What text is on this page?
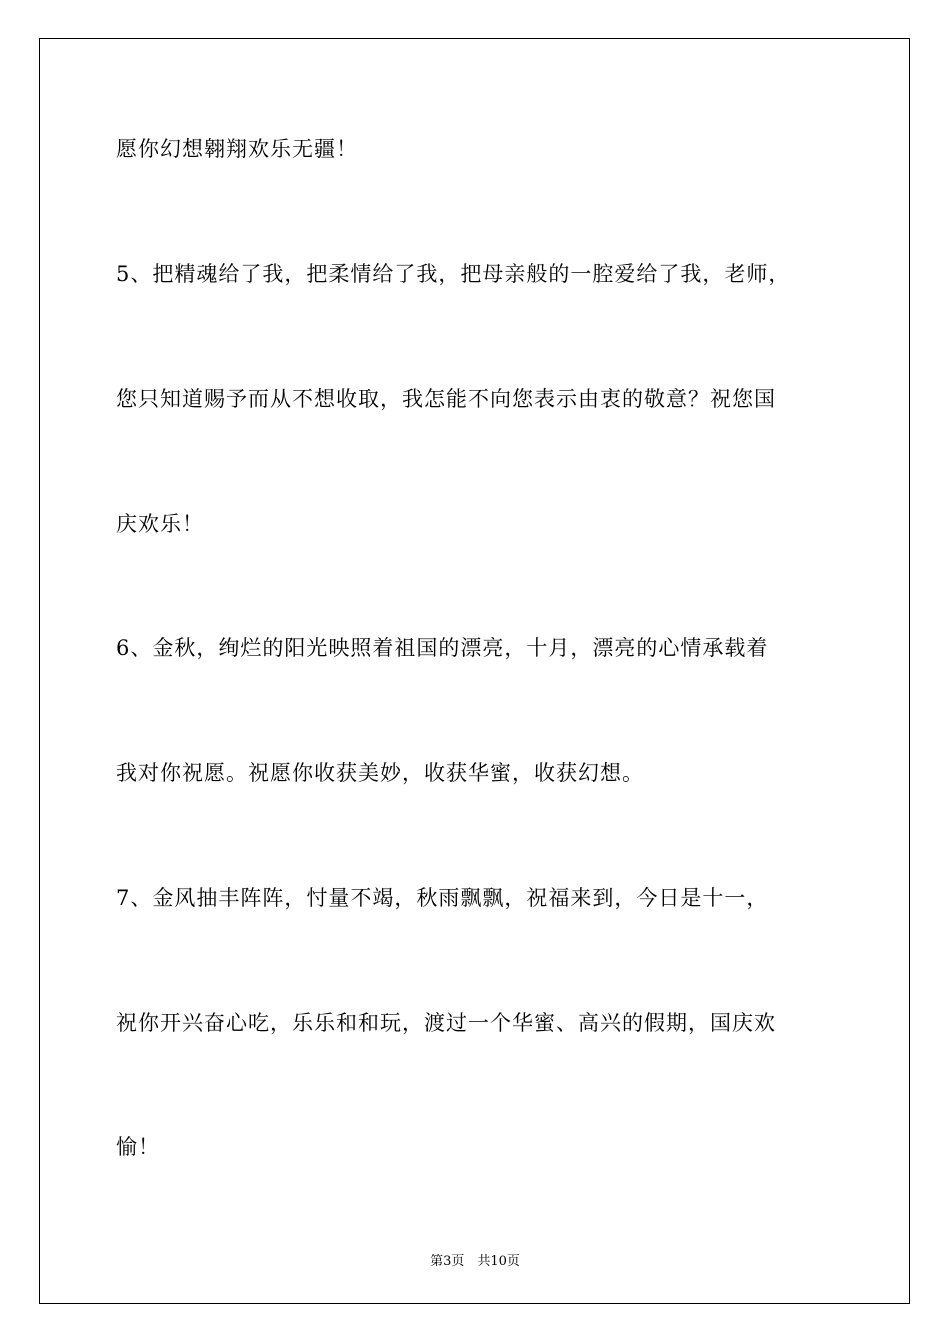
愿你幻想翱翔欢乐无疆！
5、把精魂给了我，把柔情给了我，把母亲般的一腔爱给了我，老师，
您只知道赐予而从不想收取，我怎能不向您表示由衷的敬意？祝您国
庆欢乐！
6、金秋，绚烂的阳光映照着祖国的漂亮，十月，漂亮的心情承载着
我对你祝愿。祝愿你收获美妙，收获华蜜，收获幻想。
7、金风抽丰阵阵，忖量不竭，秋雨飘飘，祝福来到，今日是十一，
祝你开兴奋心吃，乐乐和和玩，渡过一个华蜜、高兴的假期，国庆欢
愉！
第3页　共10页
